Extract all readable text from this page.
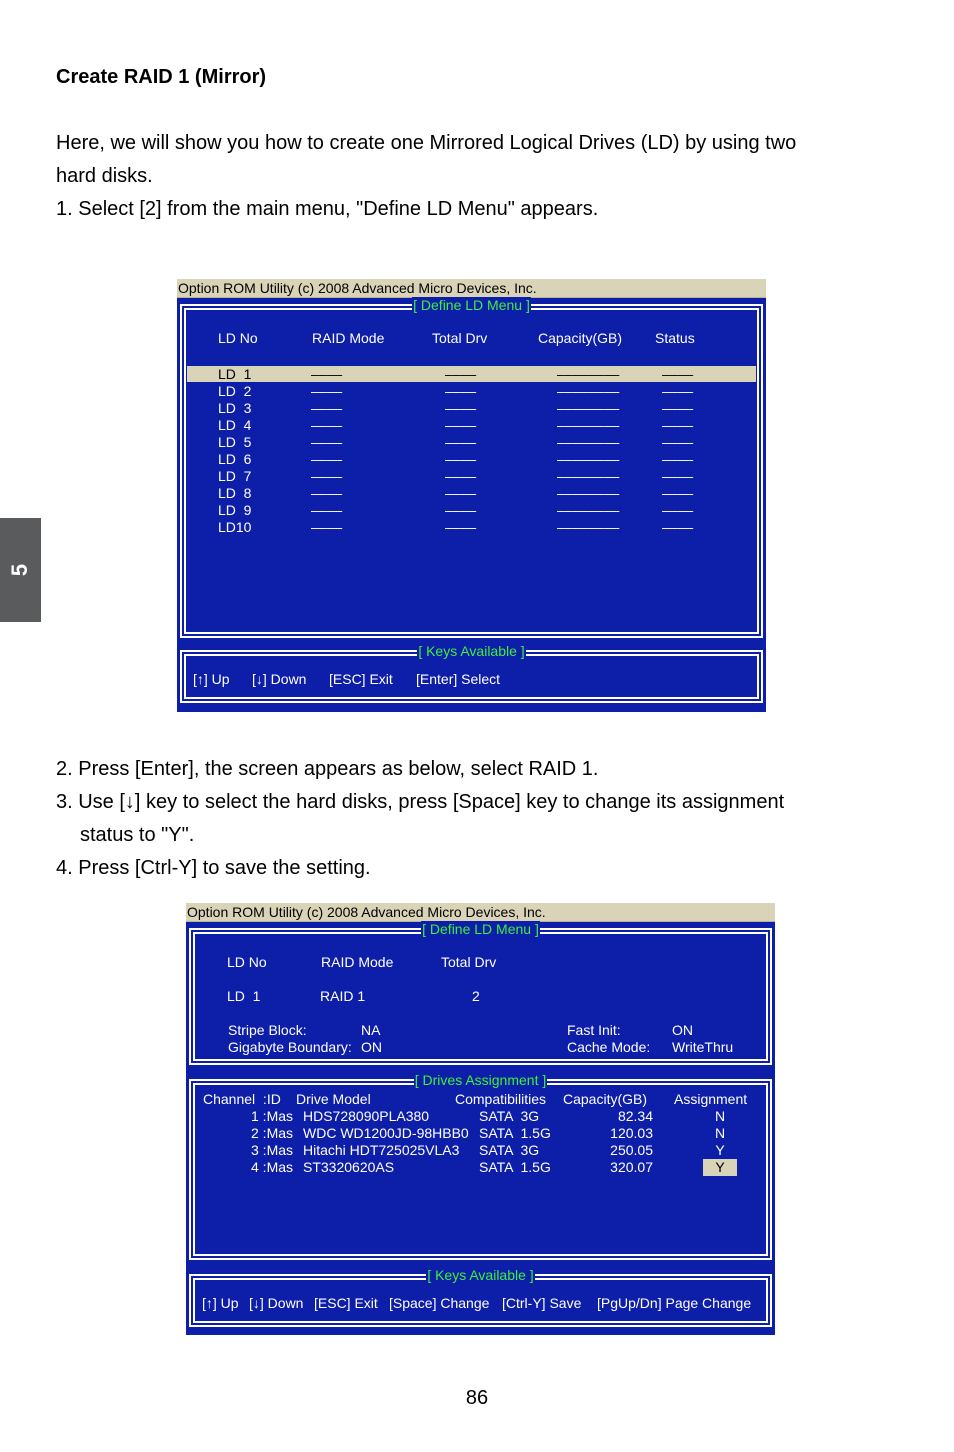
Create RAID 1 (Mirror)

Here, we will show you how to create one Mirrored Logical Drives (LD) by using two

hard disks.

1. Select [2] from the main menu, "Define LD Menu" appears.

5
Option ROM Utility (c) 2008 Advanced Micro Devices, Inc.
[ Define LD Menu ]
LD No	RAID Mode	Total Drv	Capacity(GB) Status
LD  1	––––	––––	––––––––	––––
LD  2	––––	––––	––––––––	––––
LD  3	––––	––––	––––––––	––––
LD  4	––––	––––	––––––––	––––
LD  5	––––	––––	––––––––	––––
LD  6	––––	––––	––––––––	––––
LD  7	––––	––––	––––––––	––––
LD  8	––––	––––	––––––––	––––
LD  9	––––	––––	––––––––	––––
LD10	––––	––––	––––––––	––––
[ Keys Available ]
[↑] Up [↓] Down [ESC] Exit [Enter] Select

2. Press [Enter], the screen appears as below, select RAID 1.

3. Use [↓] key to select the hard disks, press [Space] key to change its assignment

status to "Y".

4. Press [Ctrl-Y] to save the setting.

Option ROM Utility (c) 2008 Advanced Micro Devices, Inc.
[ Define LD Menu ]
LD No	RAID Mode	Total Drv
LD  1	RAID 1	2
Stripe Block:	NA
Gigabyte Boundary: ON
Fast Init:	ON
Cache Mode: WriteThru
[ Drives Assignment ]
Channel  :ID Drive Model	Compatibilities Capacity(GB) Assignment
1 :Mas HDS728090PLA380	SATA  3G	82.34	N
2 :Mas WDC WD1200JD-98HBB0 SATA  1.5G	120.03	N
3 :Mas Hitachi HDT725025VLA3 SATA  3G	250.05	Y
4 :Mas ST3320620AS	SATA  1.5G	320.07	Y
[ Keys Available ]
[↑] Up [↓] Down [ESC] Exit [Space] Change [Ctrl-Y] Save [PgUp/Dn] Page Change
86
